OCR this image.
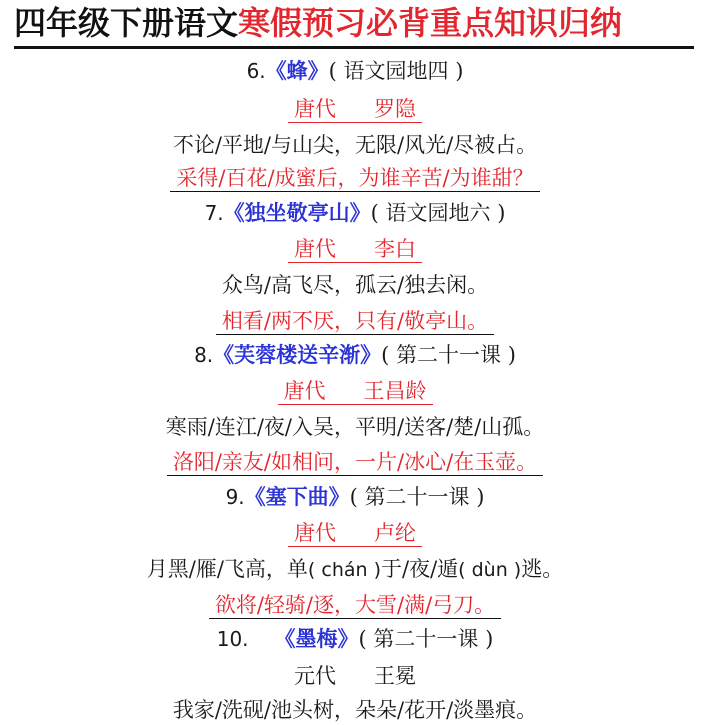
四年级下册语文寒假预习必背重点知识归纳
6.《蜂》( 语文园地四 )
唐代 罗隐
不论/平地/与山尖，无限/风光/尽被占。
采得/百花/成蜜后，为谁辛苦/为谁甜？
7.《独坐敬亭山》( 语文园地六 )
唐代 李白
众鸟/高飞尽，孤云/独去闲。
相看/两不厌，只有/敬亭山。
8.《芙蓉楼送辛渐》( 第二十一课 )
唐代 王昌龄
寒雨/连江/夜/入吴，平明/送客/楚/山孤。
洛阳/亲友/如相问，一片/冰心/在玉壶。
9.《塞下曲》( 第二十一课 )
唐代 卢纶
月黑/雁/飞高，单( chán )于/夜/遁( dùn )逃。
欲将/轻骑/逐，大雪/满/弓刀。
10. 《墨梅》( 第二十一课 )
元代 王冕
我家/洗砚/池头树，朵朵/花开/淡墨痕。
